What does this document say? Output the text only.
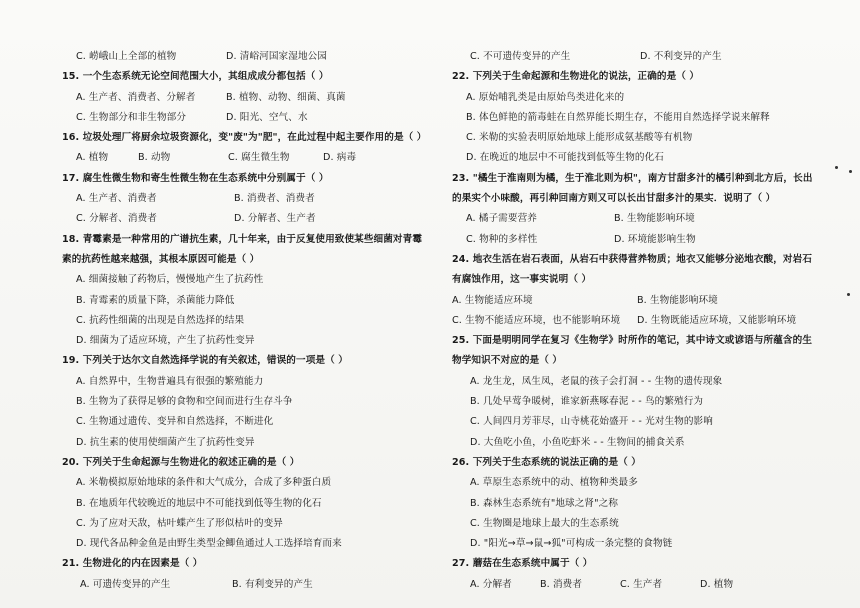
C. 崂峨山上全部的植物	D. 清峪河国家湿地公园
15. 一个生态系统无论空间范围大小，其组成成分都包括（ ）
A. 生产者、消费者、分解者	B. 植物、动物、细菌、真菌
C. 生物部分和非生物部分	D. 阳光、空气、水
16. 垃圾处理厂将厨余垃圾资源化，变"废"为"肥"，在此过程中起主要作用的是（ ）
A. 植物	B. 动物	C. 腐生微生物	D. 病毒
17. 腐生性微生物和寄生性微生物在生态系统中分别属于（ ）
A. 生产者、消费者	B. 消费者、消费者
C. 分解者、消费者	D. 分解者、生产者
18. 青霉素是一种常用的广谱抗生素，几十年来，由于反复使用致使某些细菌对青霉
素的抗药性越来越强，其根本原因可能是（ ）
A. 细菌接触了药物后，慢慢地产生了抗药性
B. 青霉素的质量下降，杀菌能力降低
C. 抗药性细菌的出现是自然选择的结果
D. 细菌为了适应环境，产生了抗药性变异
19. 下列关于达尔文自然选择学说的有关叙述，错误的一项是（ ）
A. 自然界中，生物普遍具有很强的繁殖能力
B. 生物为了获得足够的食物和空间而进行生存斗争
C. 生物通过遗传、变异和自然选择，不断进化
D. 抗生素的使用使细菌产生了抗药性变异
20. 下列关于生命起源与生物进化的叙述正确的是（ ）
A. 米勒模拟原始地球的条件和大气成分，合成了多种蛋白质
B. 在地质年代较晚近的地层中不可能找到低等生物的化石
C. 为了应对天敌，枯叶蝶产生了形似枯叶的变异
D. 现代各品种金鱼是由野生类型金鲫鱼通过人工选择培育而来
21. 生物进化的内在因素是（ ）
A. 可遗传变异的产生	B. 有利变异的产生
C. 不可遗传变异的产生	D. 不利变异的产生
22. 下列关于生命起源和生物进化的说法，正确的是（ ）
A. 原始哺乳类是由原始鸟类进化来的
B. 体色鲜艳的箭毒蛙在自然界能长期生存，不能用自然选择学说来解释
C. 米勒的实验表明原始地球上能形成氨基酸等有机物
D. 在晚近的地层中不可能找到低等生物的化石
23. "橘生于淮南则为橘，生于淮北则为枳"，南方甘甜多汁的橘引种到北方后，长出
的果实个小味酸，再引种回南方则又可以长出甘甜多汁的果实．说明了（ ）
A. 橘子需要营养	B. 生物能影响环境
C. 物种的多样性	D. 环境能影响生物
24. 地衣生活在岩石表面，从岩石中获得营养物质；地衣又能够分泌地衣酸，对岩石
有腐蚀作用，这一事实说明（ ）
A. 生物能适应环境	B. 生物能影响环境
C. 生物不能适应环境，也不能影响环境	D. 生物既能适应环境，又能影响环境
25. 下面是明明同学在复习《生物学》时所作的笔记，其中诗文或谚语与所蕴含的生
物学知识不对应的是（ ）
A. 龙生龙，凤生凤，老鼠的孩子会打洞 - - 生物的遗传现象
B. 几处早莺争暖树，谁家新燕啄春泥 - - 鸟的繁殖行为
C. 人间四月芳菲尽，山寺桃花始盛开 - - 光对生物的影响
D. 大鱼吃小鱼，小鱼吃虾米 - - 生物间的捕食关系
26. 下列关于生态系统的说法正确的是（ ）
A. 草原生态系统中的动、植物种类最多
B. 森林生态系统有"地球之肾"之称
C. 生物圈是地球上最大的生态系统
D. "阳光→草→鼠→狐"可构成一条完整的食物链
27. 蘑菇在生态系统中属于（ ）
A. 分解者	B. 消费者	C. 生产者	D. 植物
